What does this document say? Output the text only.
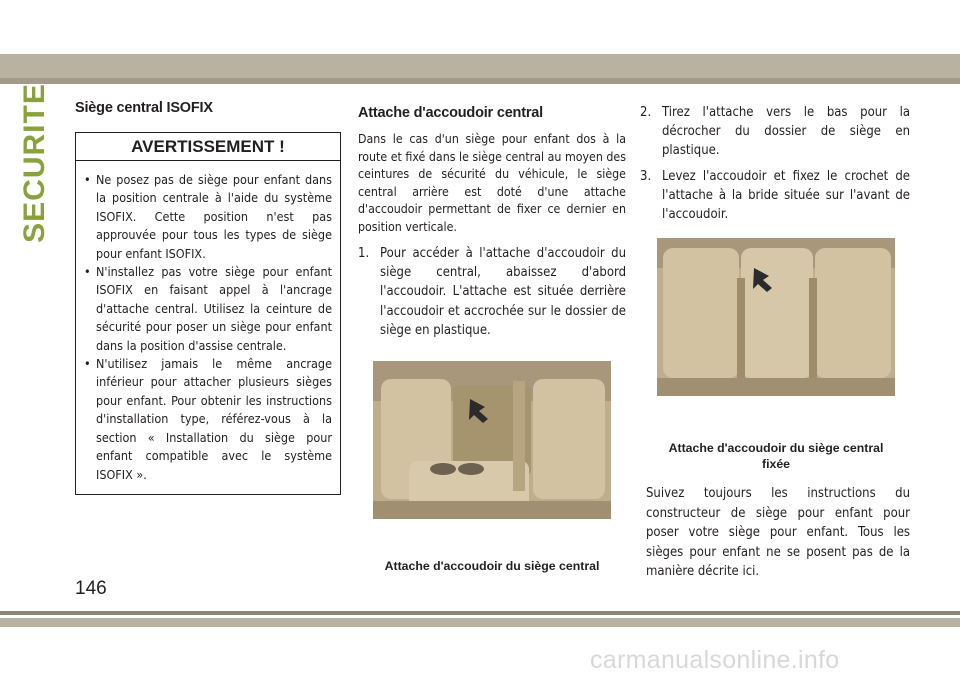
SECURITE Siège central ISOFIX
AVERTISSEMENT !
• Ne posez pas de siège pour enfant dans la position centrale à l'aide du système ISOFIX. Cette position n'est pas approuvée pour tous les types de siège pour enfant ISOFIX.
• N'installez pas votre siège pour enfant ISOFIX en faisant appel à l'ancrage d'attache central. Utilisez la ceinture de sécurité pour poser un siège pour enfant dans la position d'assise centrale.
• N'utilisez jamais le même ancrage inférieur pour attacher plusieurs sièges pour enfant. Pour obtenir les instructions d'installation type, référez-vous à la section « Installation du siège pour enfant compatible avec le système ISOFIX ».
Attache d'accoudoir central
Dans le cas d'un siège pour enfant dos à la route et fixé dans le siège central au moyen des ceintures de sécurité du véhicule, le siège central arrière est doté d'une attache d'accoudoir permettant de fixer ce dernier en position verticale.
1. Pour accéder à l'attache d'accoudoir du siège central, abaissez d'abord l'accoudoir. L'attache est située derrière l'accoudoir et accrochée sur le dossier de siège en plastique.
Attache d'accoudoir du siège central
2. Tirez l'attache vers le bas pour la décrocher du dossier de siège en plastique.
3. Levez l'accoudoir et fixez le crochet de l'attache à la bride située sur l'avant de l'accoudoir.
Attache d'accoudoir du siège central
fixée
Suivez toujours les instructions du constructeur de siège pour enfant pour poser votre siège pour enfant. Tous les sièges pour enfant ne se posent pas de la manière décrite ici.
146
carmanualsonline.info
